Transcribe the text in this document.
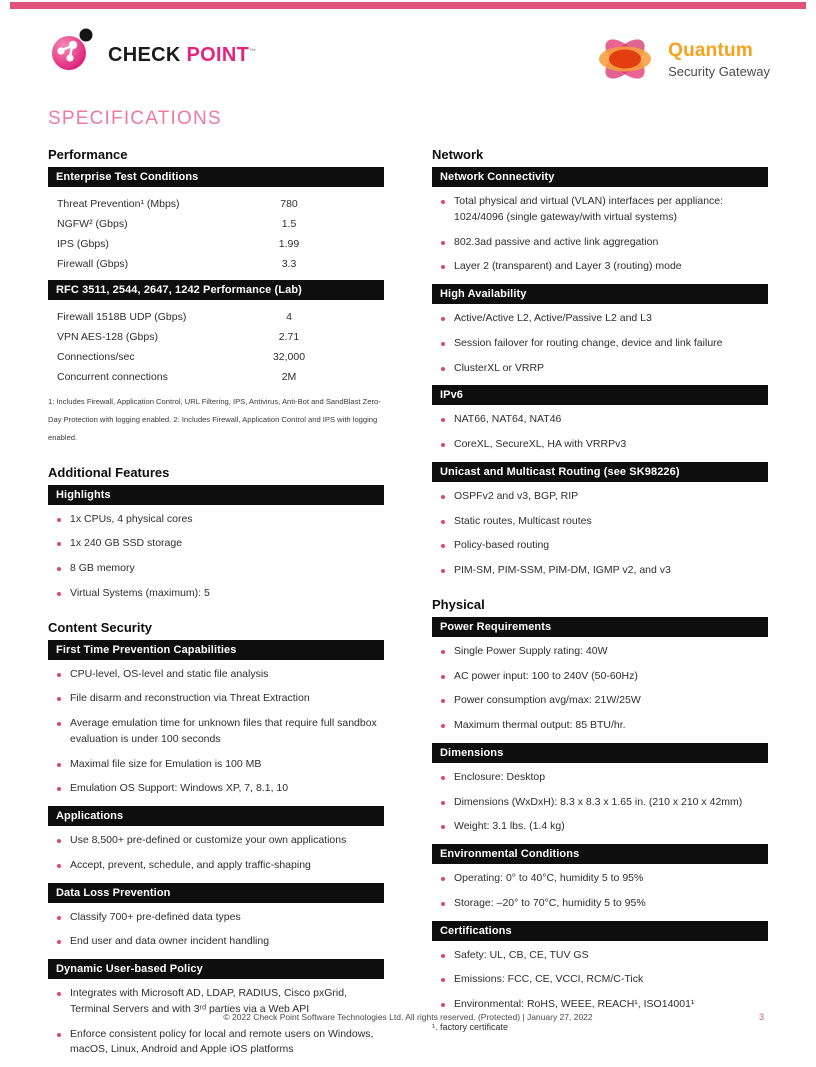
CHECK POINT™	Quantum
Security Gateway
SPECIFICATIONS
Performance
Enterprise Test Conditions
Threat Prevention¹ (Mbps)	780
NGFW² (Gbps)	1.5
IPS (Gbps)	1.99
Firewall (Gbps)	3.3
RFC 3511, 2544, 2647, 1242 Performance (Lab)
Firewall 1518B UDP (Gbps)	4
VPN AES-128 (Gbps)	2.71
Connections/sec	32,000
Concurrent connections	2M
1: Includes Firewall, Application Control, URL Filtering, IPS, Antivirus, Anti-Bot and SandBlast Zero-Day Protection with logging enabled. 2: Includes Firewall, Application Control and IPS with logging enabled.
Additional Features
Highlights
1x CPUs, 4 physical cores
1x 240 GB SSD storage
8 GB memory
Virtual Systems (maximum): 5
Content Security
First Time Prevention Capabilities
CPU-level, OS-level and static file analysis
File disarm and reconstruction via Threat Extraction
Average emulation time for unknown files that require full sandbox evaluation is under 100 seconds
Maximal file size for Emulation is 100 MB
Emulation OS Support: Windows XP, 7, 8.1, 10
Applications
Use 8,500+ pre-defined or customize your own applications
Accept, prevent, schedule, and apply traffic-shaping
Data Loss Prevention
Classify 700+ pre-defined data types
End user and data owner incident handling
Dynamic User-based Policy
Integrates with Microsoft AD, LDAP, RADIUS, Cisco pxGrid, Terminal Servers and with 3ʳᵈ parties via a Web API
Enforce consistent policy for local and remote users on Windows, macOS, Linux, Android and Apple iOS platforms
Network
Network Connectivity
Total physical and virtual (VLAN) interfaces per appliance: 1024/4096 (single gateway/with virtual systems)
802.3ad passive and active link aggregation
Layer 2 (transparent) and Layer 3 (routing) mode
High Availability
Active/Active L2, Active/Passive L2 and L3
Session failover for routing change, device and link failure
ClusterXL or VRRP
IPv6
NAT66, NAT64, NAT46
CoreXL, SecureXL, HA with VRRPv3
Unicast and Multicast Routing (see SK98226)
OSPFv2 and v3, BGP, RIP
Static routes, Multicast routes
Policy-based routing
PIM-SM, PIM-SSM, PIM-DM, IGMP v2, and v3
Physical
Power Requirements
Single Power Supply rating: 40W
AC power input: 100 to 240V (50-60Hz)
Power consumption avg/max: 21W/25W
Maximum thermal output: 85 BTU/hr.
Dimensions
Enclosure: Desktop
Dimensions (WxDxH): 8.3 x 8.3 x 1.65 in. (210 x 210 x 42mm)
Weight: 3.1 lbs. (1.4 kg)
Environmental Conditions
Operating: 0° to 40°C, humidity 5 to 95%
Storage: –20° to 70°C, humidity 5 to 95%
Certifications
Safety: UL, CB, CE, TUV GS
Emissions: FCC, CE, VCCI, RCM/C-Tick
Environmental: RoHS, WEEE, REACH¹, ISO14001¹
¹. factory certificate
© 2022 Check Point Software Technologies Ltd. All rights reserved. (Protected) | January 27, 2022	3
